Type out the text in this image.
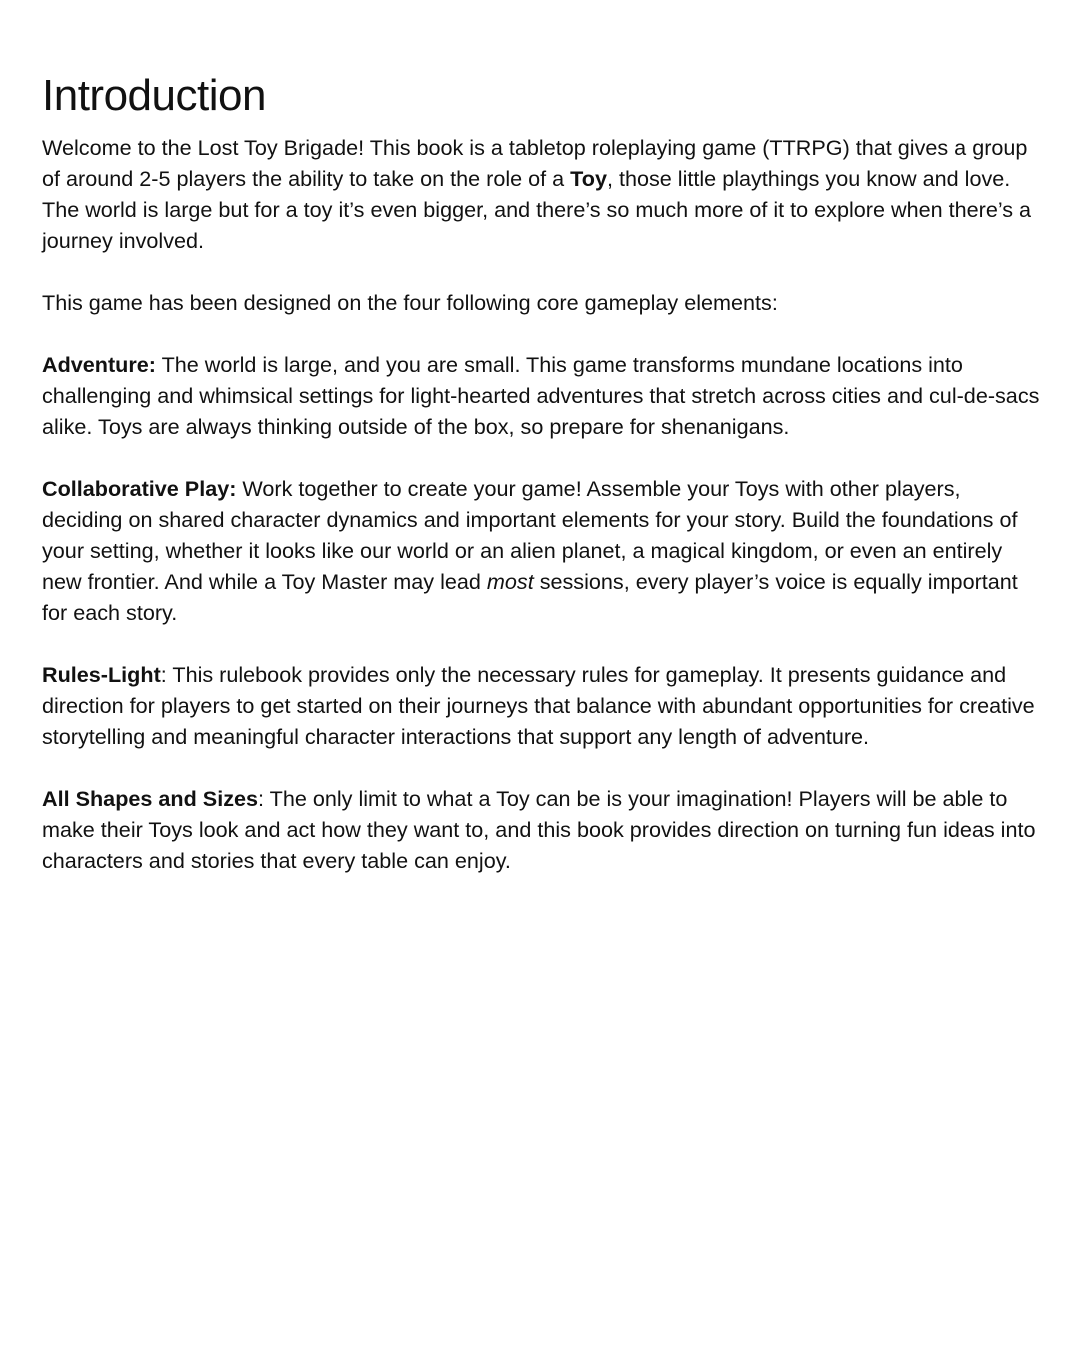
Introduction

Welcome to the Lost Toy Brigade! This book is a tabletop roleplaying game (TTRPG) that gives a group of around 2-5 players the ability to take on the role of a Toy, those little playthings you know and love. The world is large but for a toy it’s even bigger, and there’s so much more of it to explore when there’s a journey involved.

This game has been designed on the four following core gameplay elements:

Adventure: The world is large, and you are small. This game transforms mundane locations into challenging and whimsical settings for light-hearted adventures that stretch across cities and cul-de-sacs alike. Toys are always thinking outside of the box, so prepare for shenanigans.

Collaborative Play: Work together to create your game! Assemble your Toys with other players, deciding on shared character dynamics and important elements for your story. Build the foundations of your setting, whether it looks like our world or an alien planet, a magical kingdom, or even an entirely new frontier. And while a Toy Master may lead most sessions, every player’s voice is equally important for each story.

Rules-Light: This rulebook provides only the necessary rules for gameplay. It presents guidance and direction for players to get started on their journeys that balance with abundant opportunities for creative storytelling and meaningful character interactions that support any length of adventure.

All Shapes and Sizes: The only limit to what a Toy can be is your imagination! Players will be able to make their Toys look and act how they want to, and this book provides direction on turning fun ideas into characters and stories that every table can enjoy.
